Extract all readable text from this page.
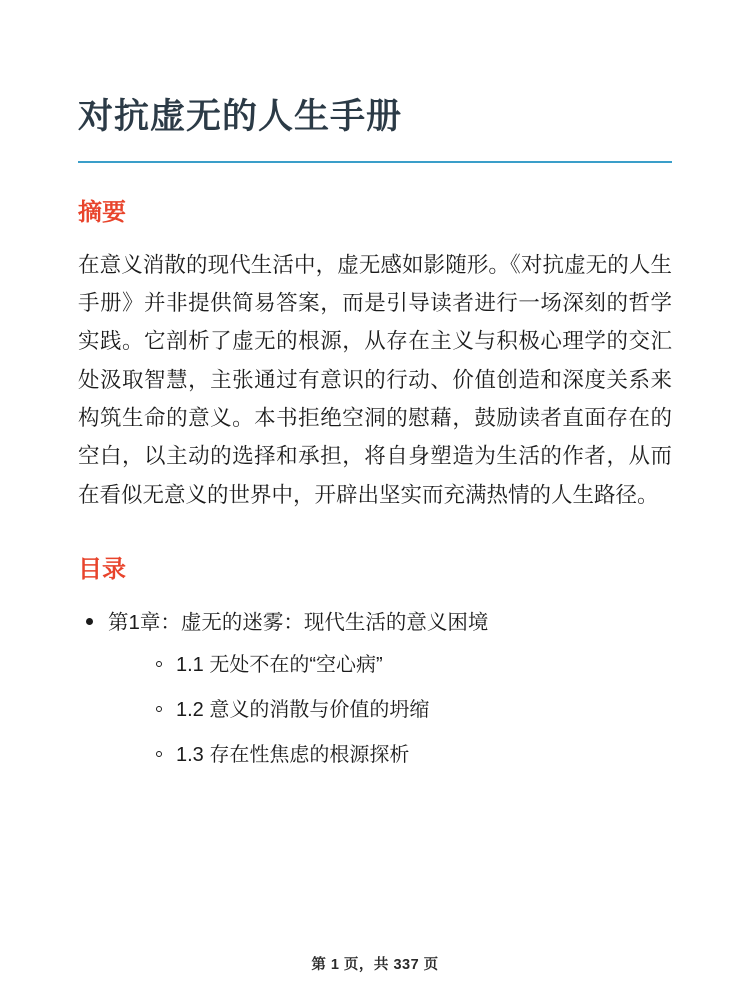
对抗虚无的人生手册
摘要

在意义消散的现代生活中，虚无感如影随形。《对抗虚无的人生手册》并非提供简易答案，而是引导读者进行一场深刻的哲学实践。它剖析了虚无的根源，从存在主义与积极心理学的交汇处汲取智慧，主张通过有意识的行动、价值创造和深度关系来构筑生命的意义。本书拒绝空洞的慰藉，鼓励读者直面存在的空白，以主动的选择和承担，将自身塑造为生活的作者，从而在看似无意义的世界中，开辟出坚实而充满热情的人生路径。

目录
第1章：虚无的迷雾：现代生活的意义困境
1.1 无处不在的“空心病”
1.2 意义的消散与价值的坍缩
1.3 存在性焦虑的根源探析
第 1 页，共 337 页
